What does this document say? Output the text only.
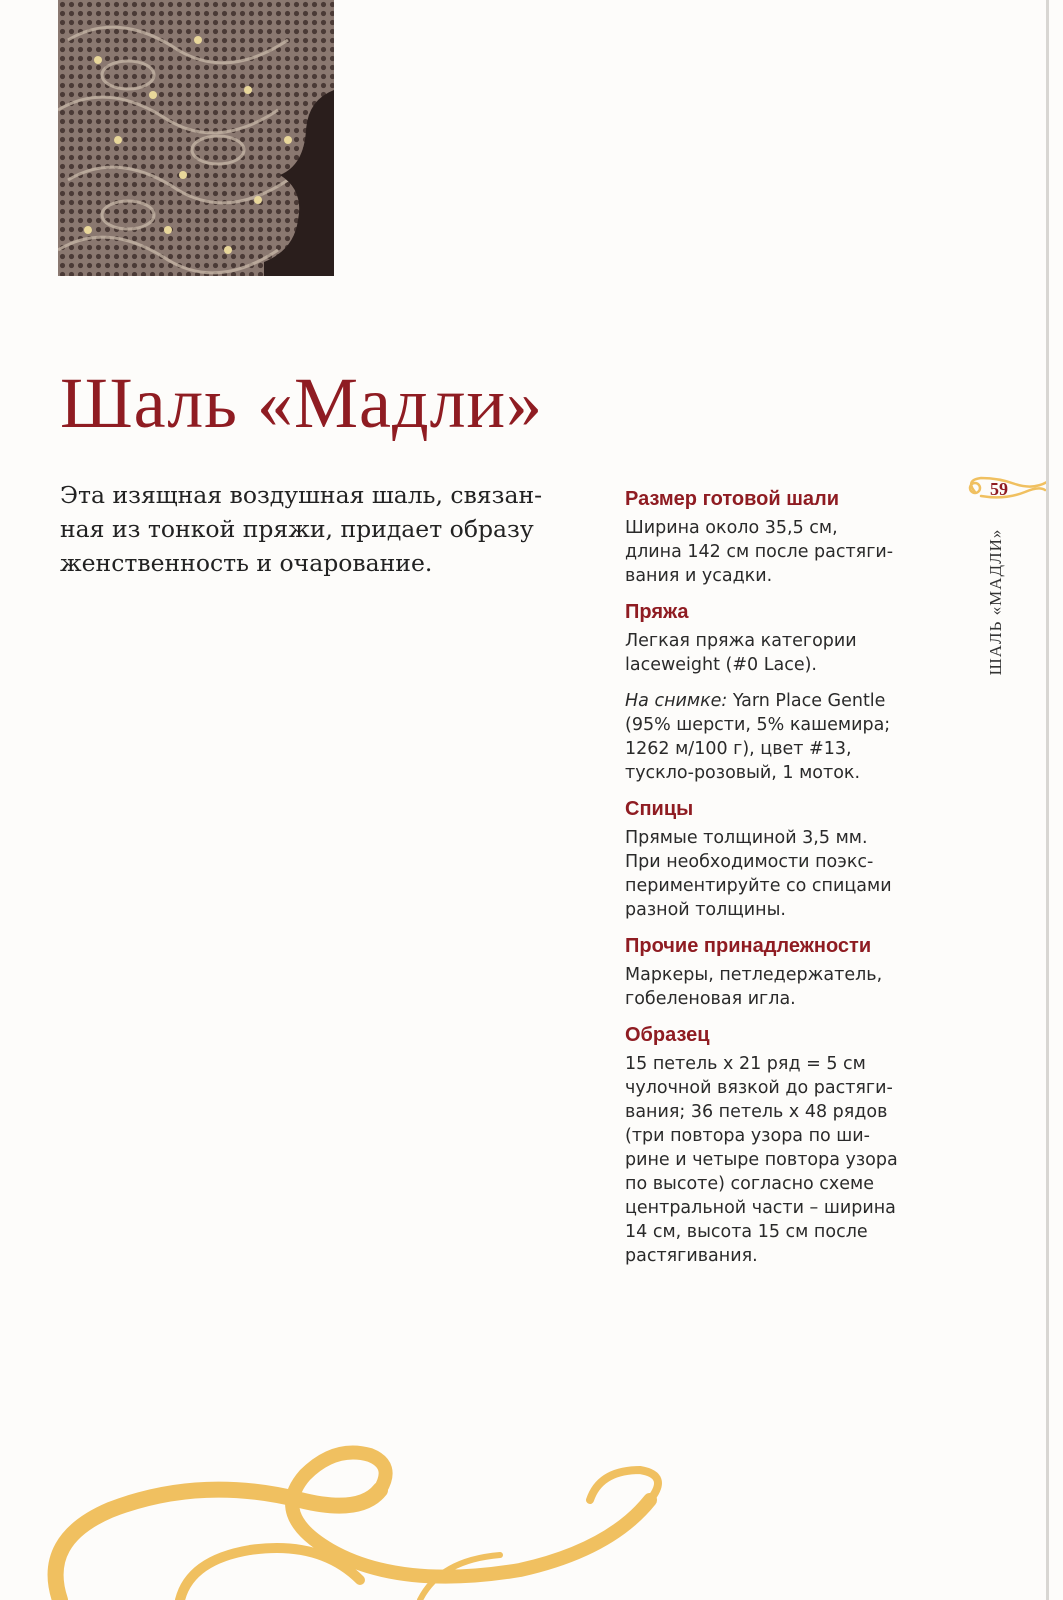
Шаль «Мадли»
Эта изящная воздушная шаль, связан-
ная из тонкой пряжи, придает образу
женственность и очарование.
Размер готовой шали
Ширина около 35,5 см,
длина 142 см после растяги-
вания и усадки.
Пряжа
Легкая пряжа категории
laceweight (#0 Lace).
На снимке: Yarn Place Gentle
(95% шерсти, 5% кашемира;
1262 м/100 г), цвет #13,
тускло-розовый, 1 моток.
Спицы
Прямые толщиной 3,5 мм.
При необходимости поэкс-
периментируйте со спицами
разной толщины.
Прочие принадлежности
Маркеры, петледержатель,
гобеленовая игла.
Образец
15 петель х 21 ряд = 5 см
чулочной вязкой до растяги-
вания; 36 петель х 48 рядов
(три повтора узора по ши-
рине и четыре повтора узора
по высоте) согласно схеме
центральной части – ширина
14 см, высота 15 см после
растягивания.
59
ШАЛЬ «МАДЛИ»
